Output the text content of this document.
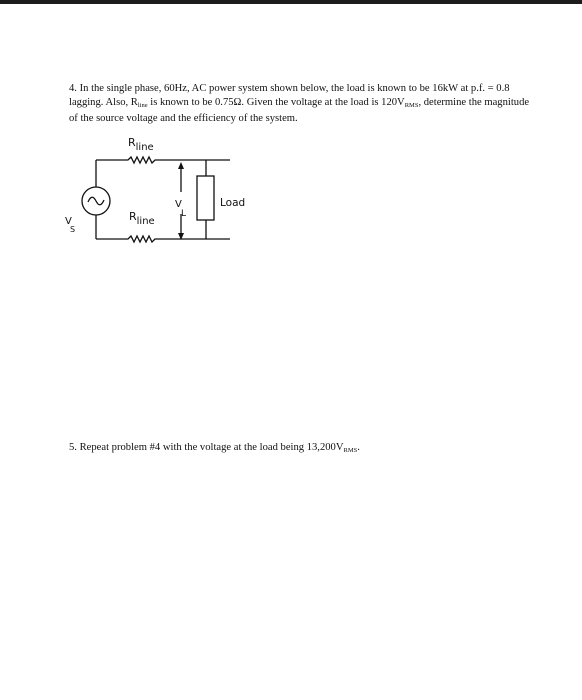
4. In the single phase, 60Hz, AC power system shown below, the load is known to be 16kW at p.f. = 0.8 lagging. Also, $R_{line}$ is known to be 0.75Ω. Given the voltage at the load is $120V_{RMS}$, determine the magnitude of the source voltage and the efficiency of the system.

Rline
Rline
VL
V S
Load

5. Repeat problem #4 with the voltage at the load being $13,200V_{RMS}$.
